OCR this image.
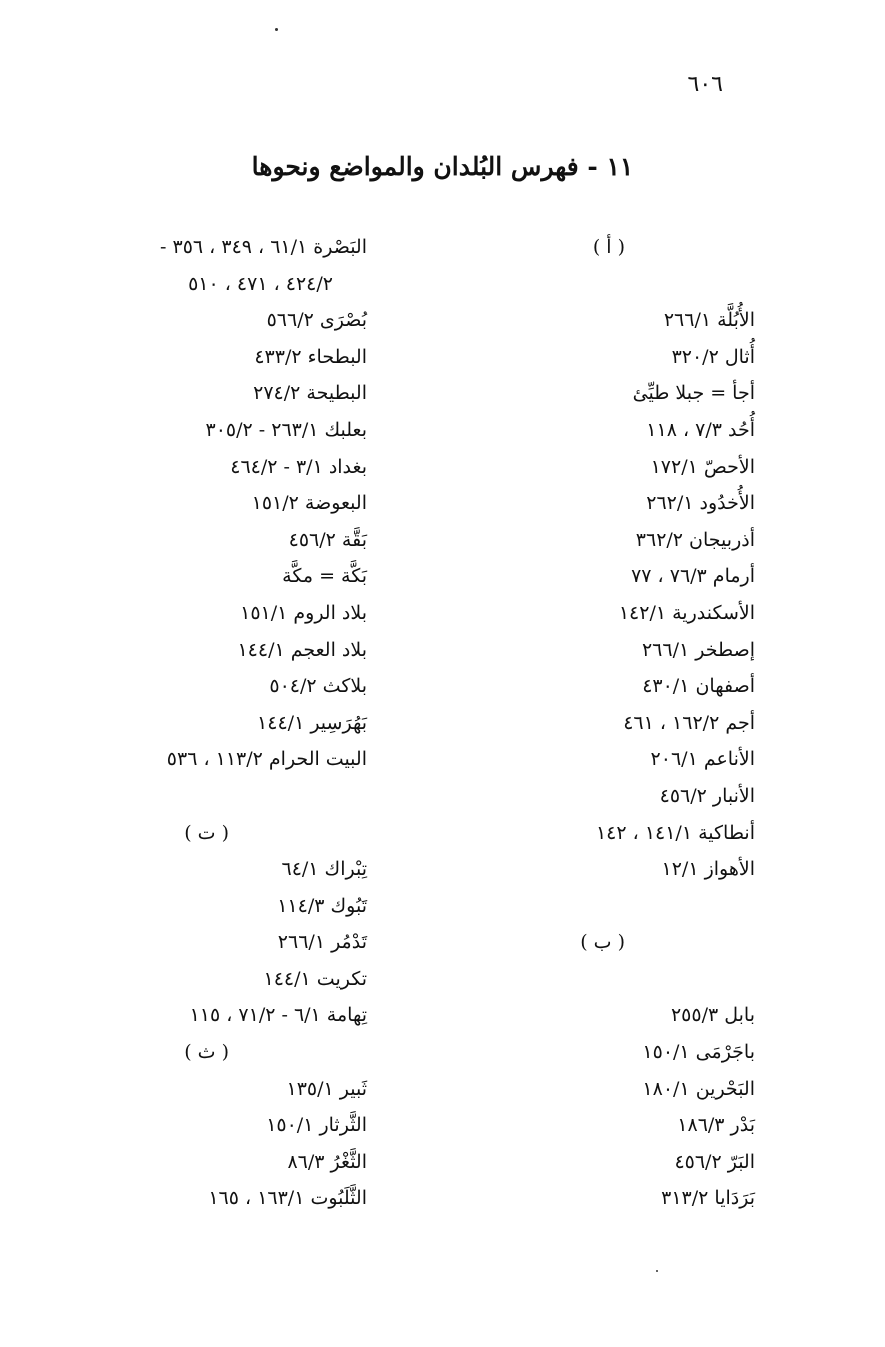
٦٠٦
١١ - فهرس البُلدان والمواضع ونحوها
( أ )
الأُبُلَّة ٢٦٦/١
أُثال ٣٢٠/٢
أجأ = جبلا طيِّئ
أُحُد ٧/٣ ، ١١٨
الأحصّ ١٧٢/١
الأُخدُود ٢٦٢/١
أذربيجان ٣٦٢/٢
أرمام ٧٦/٣ ، ٧٧
الأسكندرية ١٤٢/١
إصطخر ٢٦٦/١
أصفهان ٤٣٠/١
أجم ١٦٢/٢ ، ٤٦١
الأناعم ٢٠٦/١
الأنبار ٤٥٦/٢
أنطاكية ١٤١/١ ، ١٤٢
الأهواز ١٢/١
( ب )
بابل ٢٥٥/٣
باجَرْمَى ١٥٠/١
البَحْرين ١٨٠/١
بَدْر ١٨٦/٣
البَرّ ٤٥٦/٢
بَرَدَايا ٣١٣/٢
البَصْرة ٦١/١ ، ٣٤٩ ، ٣٥٦ -
٤٢٤/٢ ، ٤٧١ ، ٥١٠
بُصْرَى ٥٦٦/٢
البطحاء ٤٣٣/٢
البطيحة ٢٧٤/٢
بعلبك ٢٦٣/١ - ٣٠٥/٢
بغداد ٣/١ - ٤٦٤/٢
البعوضة ١٥١/٢
بَقَّة ٤٥٦/٢
بَكَّة = مكَّة
بلاد الروم ١٥١/١
بلاد العجم ١٤٤/١
بلاكث ٥٠٤/٢
بَهُرَسِير ١٤٤/١
البيت الحرام ١١٣/٢ ، ٥٣٦
( ت )
تِبْراك ٦٤/١
تَبُوك ١١٤/٣
تَدْمُر ٢٦٦/١
تكريت ١٤٤/١
تِهامة ٦/١ - ٧١/٢ ، ١١٥
( ث )
ثَبير ١٣٥/١
الثَّرثار ١٥٠/١
الثَّغْرُ ٨٦/٣
الثَّلَبُوت ١٦٣/١ ، ١٦٥
